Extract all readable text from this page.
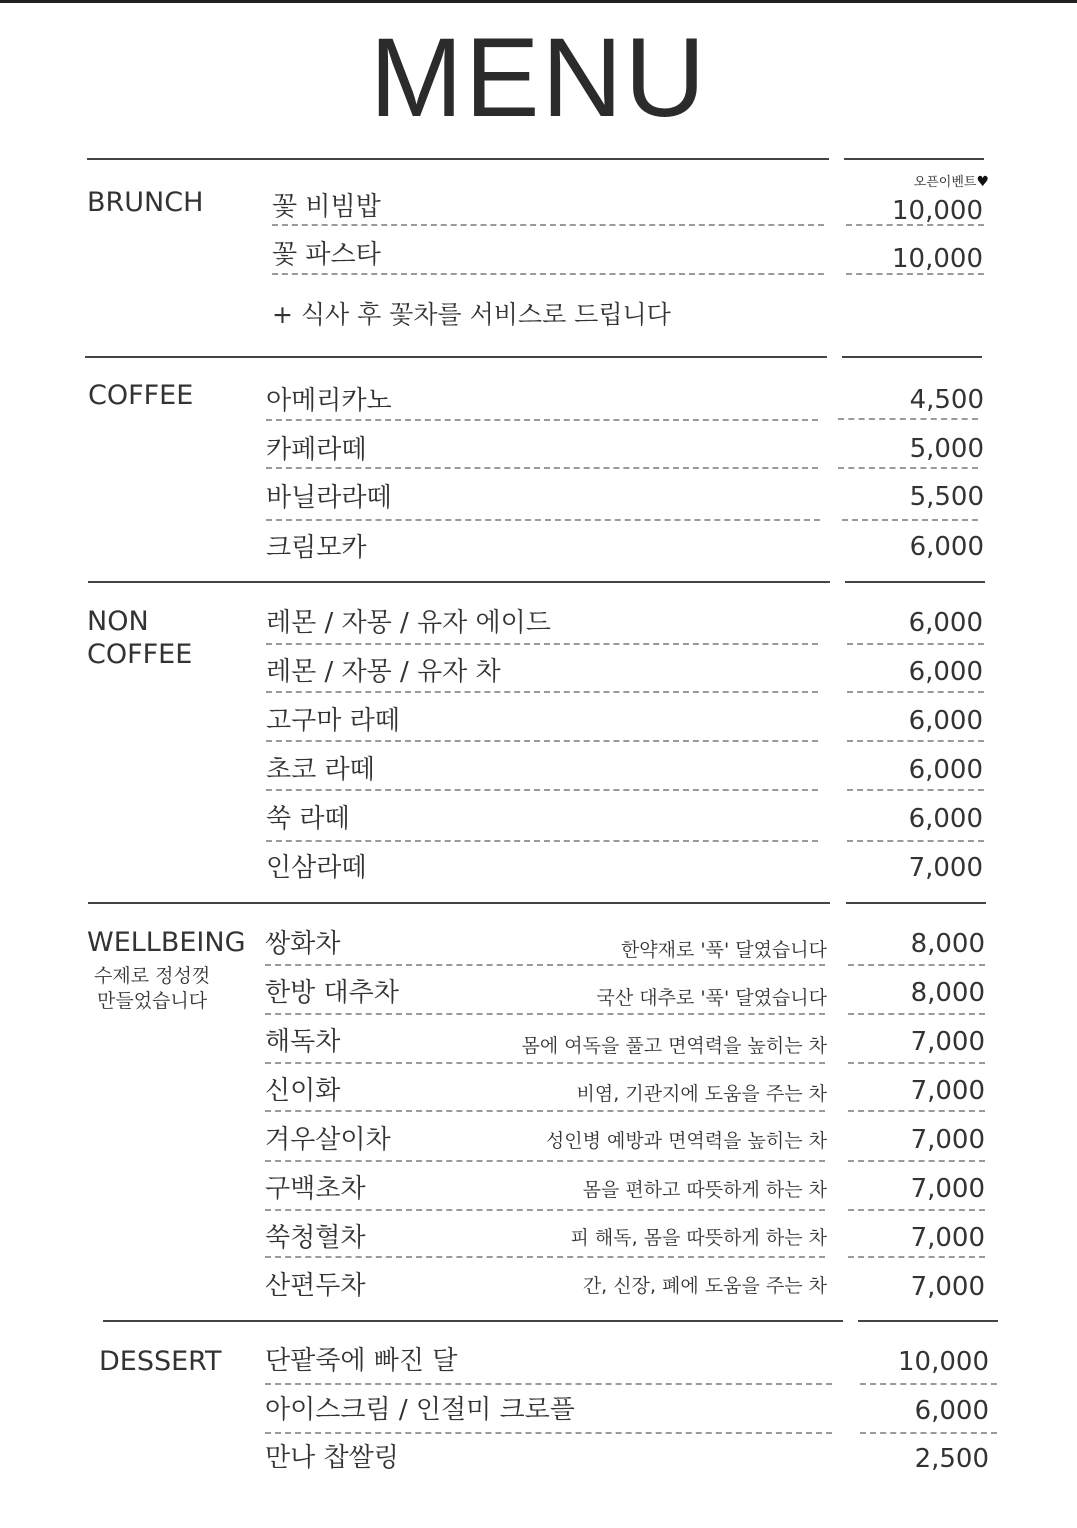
MENU
BRUNCH
오픈이벤트♥
꽃 비빔밥	10,000
꽃 파스타	10,000
+ 식사 후 꽃차를 서비스로 드립니다
COFFEE	아메리카노	4,500
카페라떼	5,000
바닐라라떼	5,500
크림모카	6,000
NON
COFFEE
레몬 / 자몽 / 유자 에이드	6,000
레몬 / 자몽 / 유자 차	6,000
고구마 라떼	6,000
초코 라떼	6,000
쑥 라떼	6,000
인삼라떼	7,000
WELLBEING
수제로 정성껏
만들었습니다
쌍화차	한약재로 '푹' 달였습니다	8,000
한방 대추차	국산 대추로 '푹' 달였습니다	8,000
해독차	몸에 여독을 풀고 면역력을 높히는 차	7,000
신이화	비염, 기관지에 도움을 주는 차	7,000
겨우살이차	성인병 예방과 면역력을 높히는 차	7,000
구백초차	몸을 편하고 따뜻하게 하는 차	7,000
쑥청혈차	피 해독, 몸을 따뜻하게 하는 차	7,000
산편두차	간, 신장, 폐에 도움을 주는 차	7,000
DESSERT 단팥죽에 빠진 달	10,000
아이스크림 / 인절미 크로플	6,000
만나 찹쌀링	2,500
